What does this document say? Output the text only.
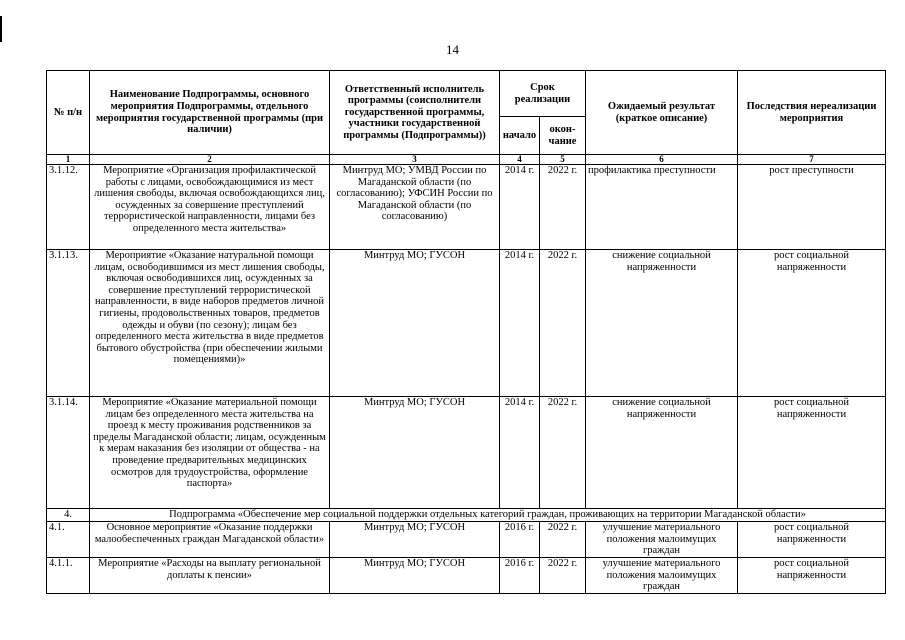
14
№ п/н	Наименование Подпрограммы, основного мероприятия Подпрограммы, отдельного мероприятия государственной программы (при наличии)	Ответственный исполнитель программы (соисполнители государственной программы, участники государственной программы (Подпрограммы))	Срок реализации		Ожидаемый результат (краткое описание)	Последствия нереализации мероприятия
			начало	окон-чание		
1	2	3	4	5	6	7
3.1.12.	Мероприятие «Организация профилактической работы с лицами, освобождающимися из мест лишения свободы, включая освобождающихся лиц, осужденных за совершение преступлений террористической направленности, лицами без определенного места жительства»	Минтруд МО; УМВД России по Магаданской области (по согласованию); УФСИН России по Магаданской области (по согласованию)	2014 г.	2022 г.	профилактика преступности	рост преступности
3.1.13.	Мероприятие «Оказание натуральной помощи лицам, освободившимся из мест лишения свободы, включая освободившихся лиц, осужденных за совершение преступлений террористической направленности, в виде наборов предметов личной гигиены, продовольственных товаров, предметов одежды и обуви (по сезону); лицам без определенного места жительства в виде предметов бытового обустройства (при обеспечении жилыми помещениями)»	Минтруд МО; ГУСОН	2014 г.	2022 г.	снижение социальной напряженности	рост социальной напряженности
3.1.14.	Мероприятие «Оказание материальной помощи лицам без определенного места жительства на проезд к месту проживания родственников за пределы Магаданской области; лицам, осужденным к мерам наказания без изоляции от общества - на проведение предварительных медицинских осмотров для трудоустройства, оформление паспорта»	Минтруд МО; ГУСОН	2014 г.	2022 г.	снижение социальной напряженности	рост социальной напряженности
4.	Подпрограмма «Обеспечение мер социальной поддержки отдельных категорий граждан, проживающих на территории Магаданской области»					
4.1.	Основное мероприятие «Оказание поддержки малообеспеченных граждан Магаданской области»	Минтруд МО; ГУСОН	2016 г.	2022 г.	улучшение материального положения малоимущих граждан	рост социальной напряженности
4.1.1.	Мероприятие «Расходы на выплату региональной доплаты к пенсии»	Минтруд МО; ГУСОН	2016 г.	2022 г.	улучшение материального положения малоимущих граждан	рост социальной напряженности
